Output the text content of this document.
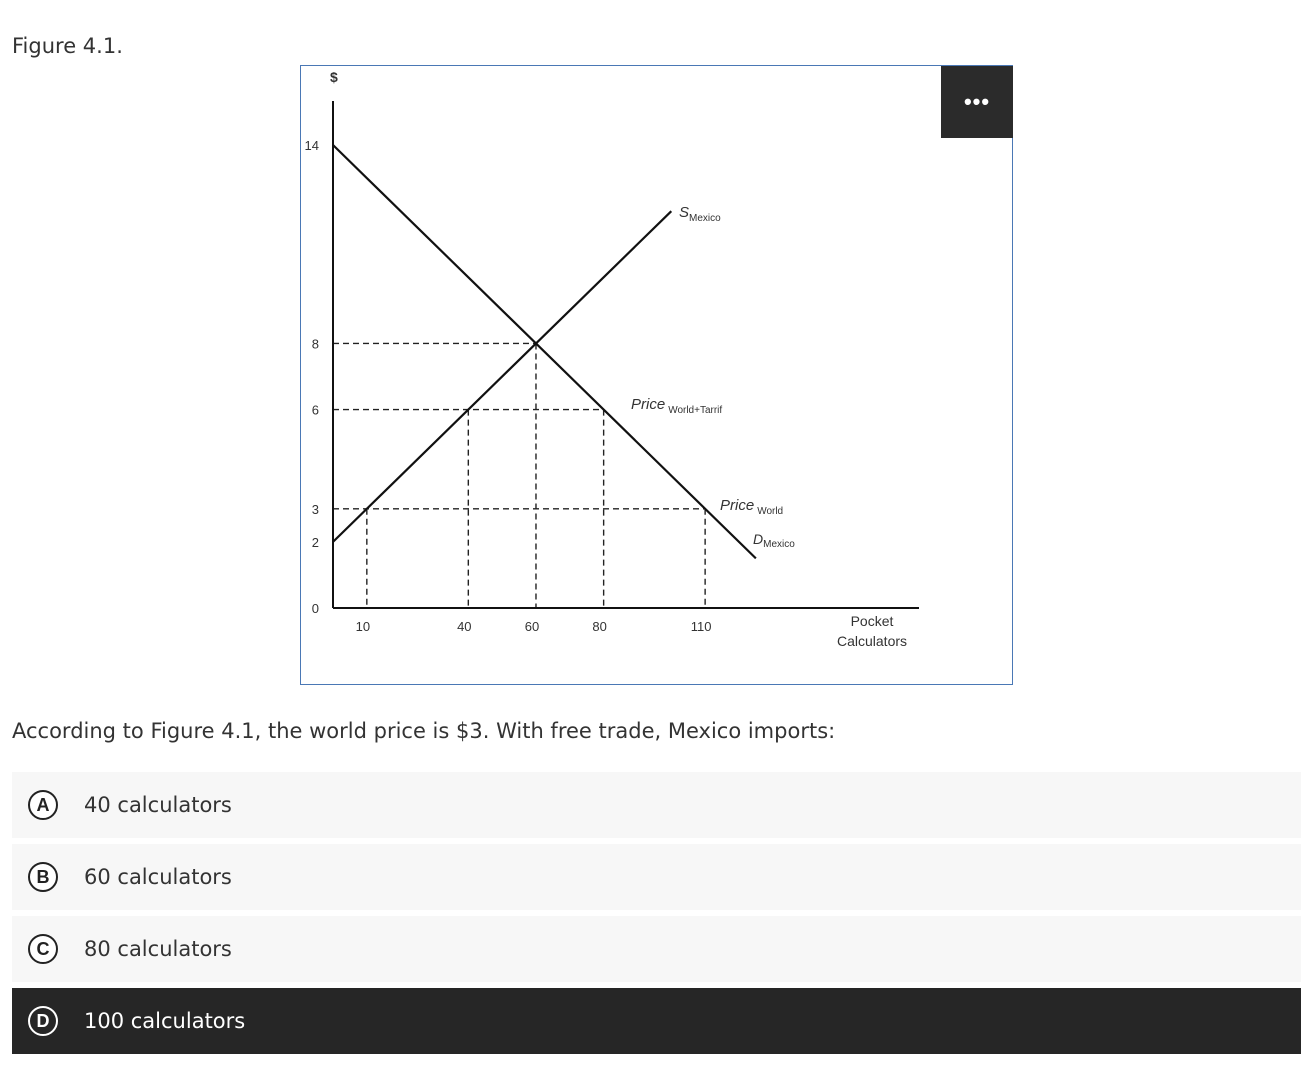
Figure 4.1.
$
14
8
6
3
2
0
10	40	60	80	110	Pocket
Calculators
$S_{Mexico}$
$D_{Mexico}$
Price $_{World+Tarrif}$
Price $_{World}$
•••
According to Figure 4.1, the world price is $3. With free trade, Mexico imports:
A	40 calculators
B	60 calculators
C	80 calculators
D	100 calculators
